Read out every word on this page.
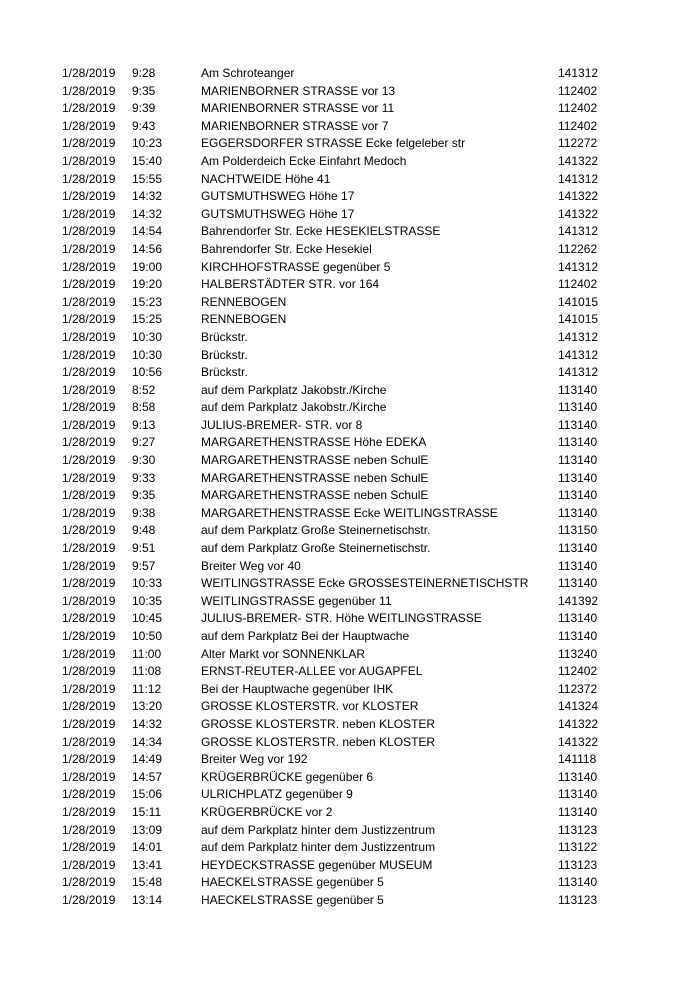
1/28/2019 9:28	Am Schroteanger	141312
1/28/2019 9:35	MARIENBORNER STRASSE vor 13	112402
1/28/2019 9:39	MARIENBORNER STRASSE vor 11	112402
1/28/2019 9:43	MARIENBORNER STRASSE vor 7	112402
1/28/2019 10:23	EGGERSDORFER STRASSE Ecke felgeleber str	112272
1/28/2019 15:40	Am Polderdeich Ecke Einfahrt Medoch	141322
1/28/2019 15:55	NACHTWEIDE Höhe 41	141312
1/28/2019 14:32	GUTSMUTHSWEG Höhe 17	141322
1/28/2019 14:32	GUTSMUTHSWEG Höhe 17	141322
1/28/2019 14:54	Bahrendorfer Str. Ecke HESEKIELSTRASSE	141312
1/28/2019 14:56	Bahrendorfer Str. Ecke Hesekiel	112262
1/28/2019 19:00	KIRCHHOFSTRASSE gegenüber 5	141312
1/28/2019 19:20	HALBERSTÄDTER STR. vor 164	112402
1/28/2019 15:23	RENNEBOGEN	141015
1/28/2019 15:25	RENNEBOGEN	141015
1/28/2019 10:30	Brückstr.	141312
1/28/2019 10:30	Brückstr.	141312
1/28/2019 10:56	Brückstr.	141312
1/28/2019 8:52	auf dem Parkplatz Jakobstr./Kirche	113140
1/28/2019 8:58	auf dem Parkplatz Jakobstr./Kirche	113140
1/28/2019 9:13	JULIUS-BREMER- STR. vor 8	113140
1/28/2019 9:27	MARGARETHENSTRASSE Höhe EDEKA	113140
1/28/2019 9:30	MARGARETHENSTRASSE neben SchulE	113140
1/28/2019 9:33	MARGARETHENSTRASSE neben SchulE	113140
1/28/2019 9:35	MARGARETHENSTRASSE neben SchulE	113140
1/28/2019 9:38	MARGARETHENSTRASSE Ecke WEITLINGSTRASSE	113140
1/28/2019 9:48	auf dem Parkplatz Große Steinernetischstr.	113150
1/28/2019 9:51	auf dem Parkplatz Große Steinernetischstr.	113140
1/28/2019 9:57	Breiter Weg vor 40	113140
1/28/2019 10:33	WEITLINGSTRASSE Ecke GROSSESTEINERNETISCHSTR	113140
1/28/2019 10:35	WEITLINGSTRASSE gegenüber 11	141392
1/28/2019 10:45	JULIUS-BREMER- STR. Höhe WEITLINGSTRASSE	113140
1/28/2019 10:50	auf dem Parkplatz Bei der Hauptwache	113140
1/28/2019 11:00	Alter Markt vor SONNENKLAR	113240
1/28/2019 11:08	ERNST-REUTER-ALLEE vor AUGAPFEL	112402
1/28/2019 11:12	Bei der Hauptwache gegenüber IHK	112372
1/28/2019 13:20	GROSSE KLOSTERSTR. vor KLOSTER	141324
1/28/2019 14:32	GROSSE KLOSTERSTR. neben KLOSTER	141322
1/28/2019 14:34	GROSSE KLOSTERSTR. neben KLOSTER	141322
1/28/2019 14:49	Breiter Weg vor 192	141118
1/28/2019 14:57	KRÜGERBRÜCKE gegenüber 6	113140
1/28/2019 15:06	ULRICHPLATZ gegenüber 9	113140
1/28/2019 15:11	KRÜGERBRÜCKE vor 2	113140
1/28/2019 13:09	auf dem Parkplatz hinter dem Justizzentrum	113123
1/28/2019 14:01	auf dem Parkplatz hinter dem Justizzentrum	113122
1/28/2019 13:41	HEYDECKSTRASSE gegenüber MUSEUM	113123
1/28/2019 15:48	HAECKELSTRASSE gegenüber 5	113140
1/28/2019 13:14	HAECKELSTRASSE gegenüber 5	113123
